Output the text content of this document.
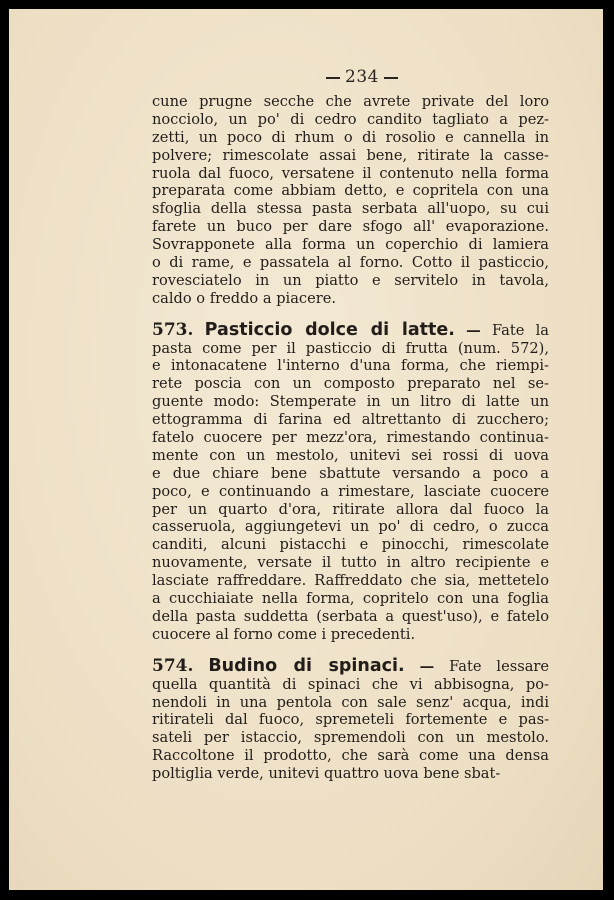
234
cune prugne secche che avrete private del loro
nocciolo, un po' di cedro candito tagliato a pez-
zetti, un poco di rhum o di rosolio e cannella in
polvere; rimescolate assai bene, ritirate la casse-
ruola dal fuoco, versatene il contenuto nella forma
preparata come abbiam detto, e copritela con una
sfoglia della stessa pasta serbata all'uopo, su cui
farete un buco per dare sfogo all' evaporazione.
Sovrapponete alla forma un coperchio di lamiera
o di rame, e passatela al forno. Cotto il pasticcio,
rovesciatelo in un piatto e servitelo in tavola,
caldo o freddo a piacere.
573. Pasticcio dolce di latte. — Fate la
pasta come per il pasticcio di frutta (num. 572),
e intonacatene l'interno d'una forma, che riempi-
rete poscia con un composto preparato nel se-
guente modo: Stemperate in un litro di latte un
ettogramma di farina ed altrettanto di zucchero;
fatelo cuocere per mezz'ora, rimestando continua-
mente con un mestolo, unitevi sei rossi di uova
e due chiare bene sbattute versando a poco a
poco, e continuando a rimestare, lasciate cuocere
per un quarto d'ora, ritirate allora dal fuoco la
casseruola, aggiungetevi un po' di cedro, o zucca
canditi, alcuni pistacchi e pinocchi, rimescolate
nuovamente, versate il tutto in altro recipiente e
lasciate raffreddare. Raffreddato che sia, mettetelo
a cucchiaiate nella forma, copritelo con una foglia
della pasta suddetta (serbata a quest'uso), e fatelo
cuocere al forno come i precedenti.
574. Budino di spinaci. — Fate lessare
quella quantità di spinaci che vi abbisogna, po-
nendoli in una pentola con sale senz' acqua, indi
ritirateli dal fuoco, spremeteli fortemente e pas-
sateli per istaccio, spremendoli con un mestolo.
Raccoltone il prodotto, che sarà come una densa
poltiglia verde, unitevi quattro uova bene sbat-
